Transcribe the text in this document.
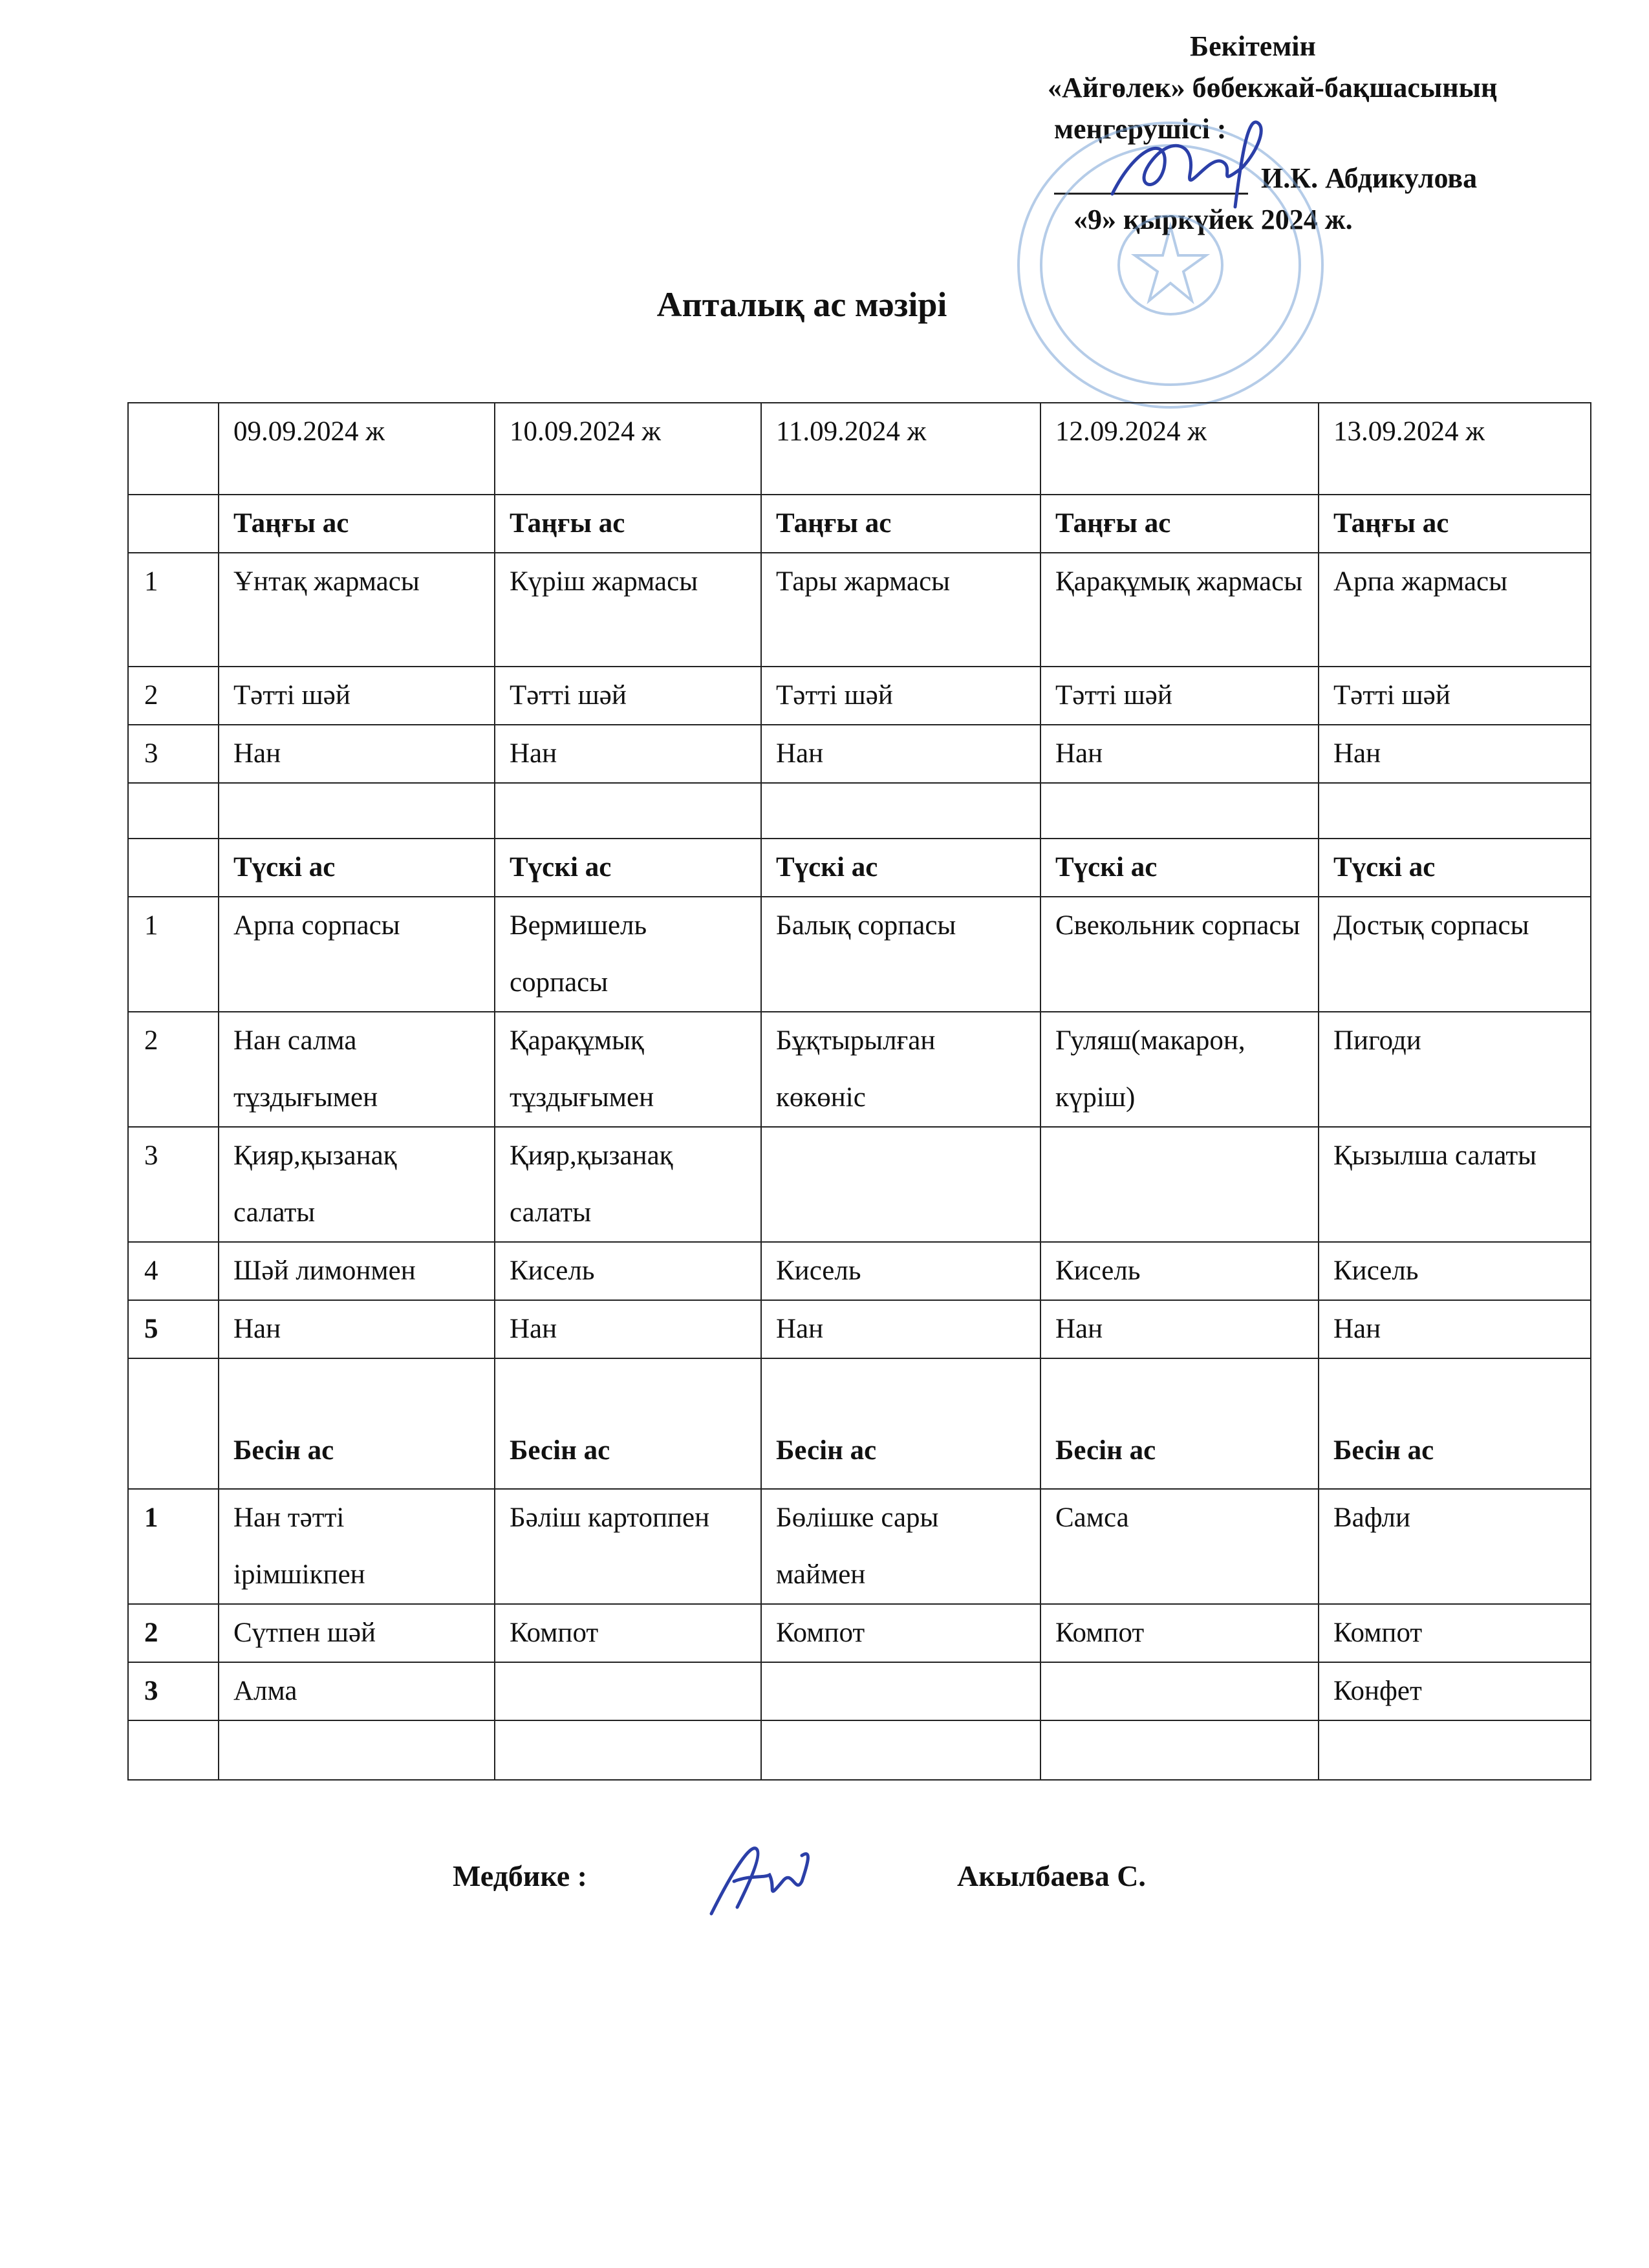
Бекітемін
«Айгөлек» бөбекжай-бақшасының
меңгерушісі :
И.К. Абдикулова
«9» қыркүйек 2024 ж.
Апталық ас мәзірі
	09.09.2024 ж	10.09.2024 ж	11.09.2024 ж	12.09.2024 ж	13.09.2024 ж
	Таңғы ас	Таңғы ас	Таңғы ас	Таңғы ас	Таңғы ас
1	Ұнтақ жармасы	Күріш жармасы	Тары жармасы	Қарақұмық жармасы	Арпа жармасы
2	Тәтті шәй	Тәтті шәй	Тәтті шәй	Тәтті шәй	Тәтті шәй
3	Нан	Нан	Нан	Нан	Нан

	Түскі ас	Түскі ас	Түскі ас	Түскі ас	Түскі ас
1	Арпа сорпасы	Вермишель сорпасы	Балық сорпасы	Свекольник сорпасы	Достық сорпасы
2	Нан салма тұздығымен	Қарақұмық тұздығымен	Бұқтырылған көкөніс	Гуляш(макарон, күріш)	Пигоди
3	Қияр,қызанақ салаты	Қияр,қызанақ салаты			Қызылша салаты
4	Шәй лимонмен	Кисель	Кисель	Кисель	Кисель
5	Нан	Нан	Нан	Нан	Нан
	Бесін ас	Бесін ас	Бесін ас	Бесін ас	Бесін ас
1	Нан тәтті ірімшікпен	Бәліш картоппен	Бөлішке сары маймен	Самса	Вафли
2	Сүтпен шәй	Компот	Компот	Компот	Компот
3	Алма				Конфет

Медбике :	Акылбаева С.
